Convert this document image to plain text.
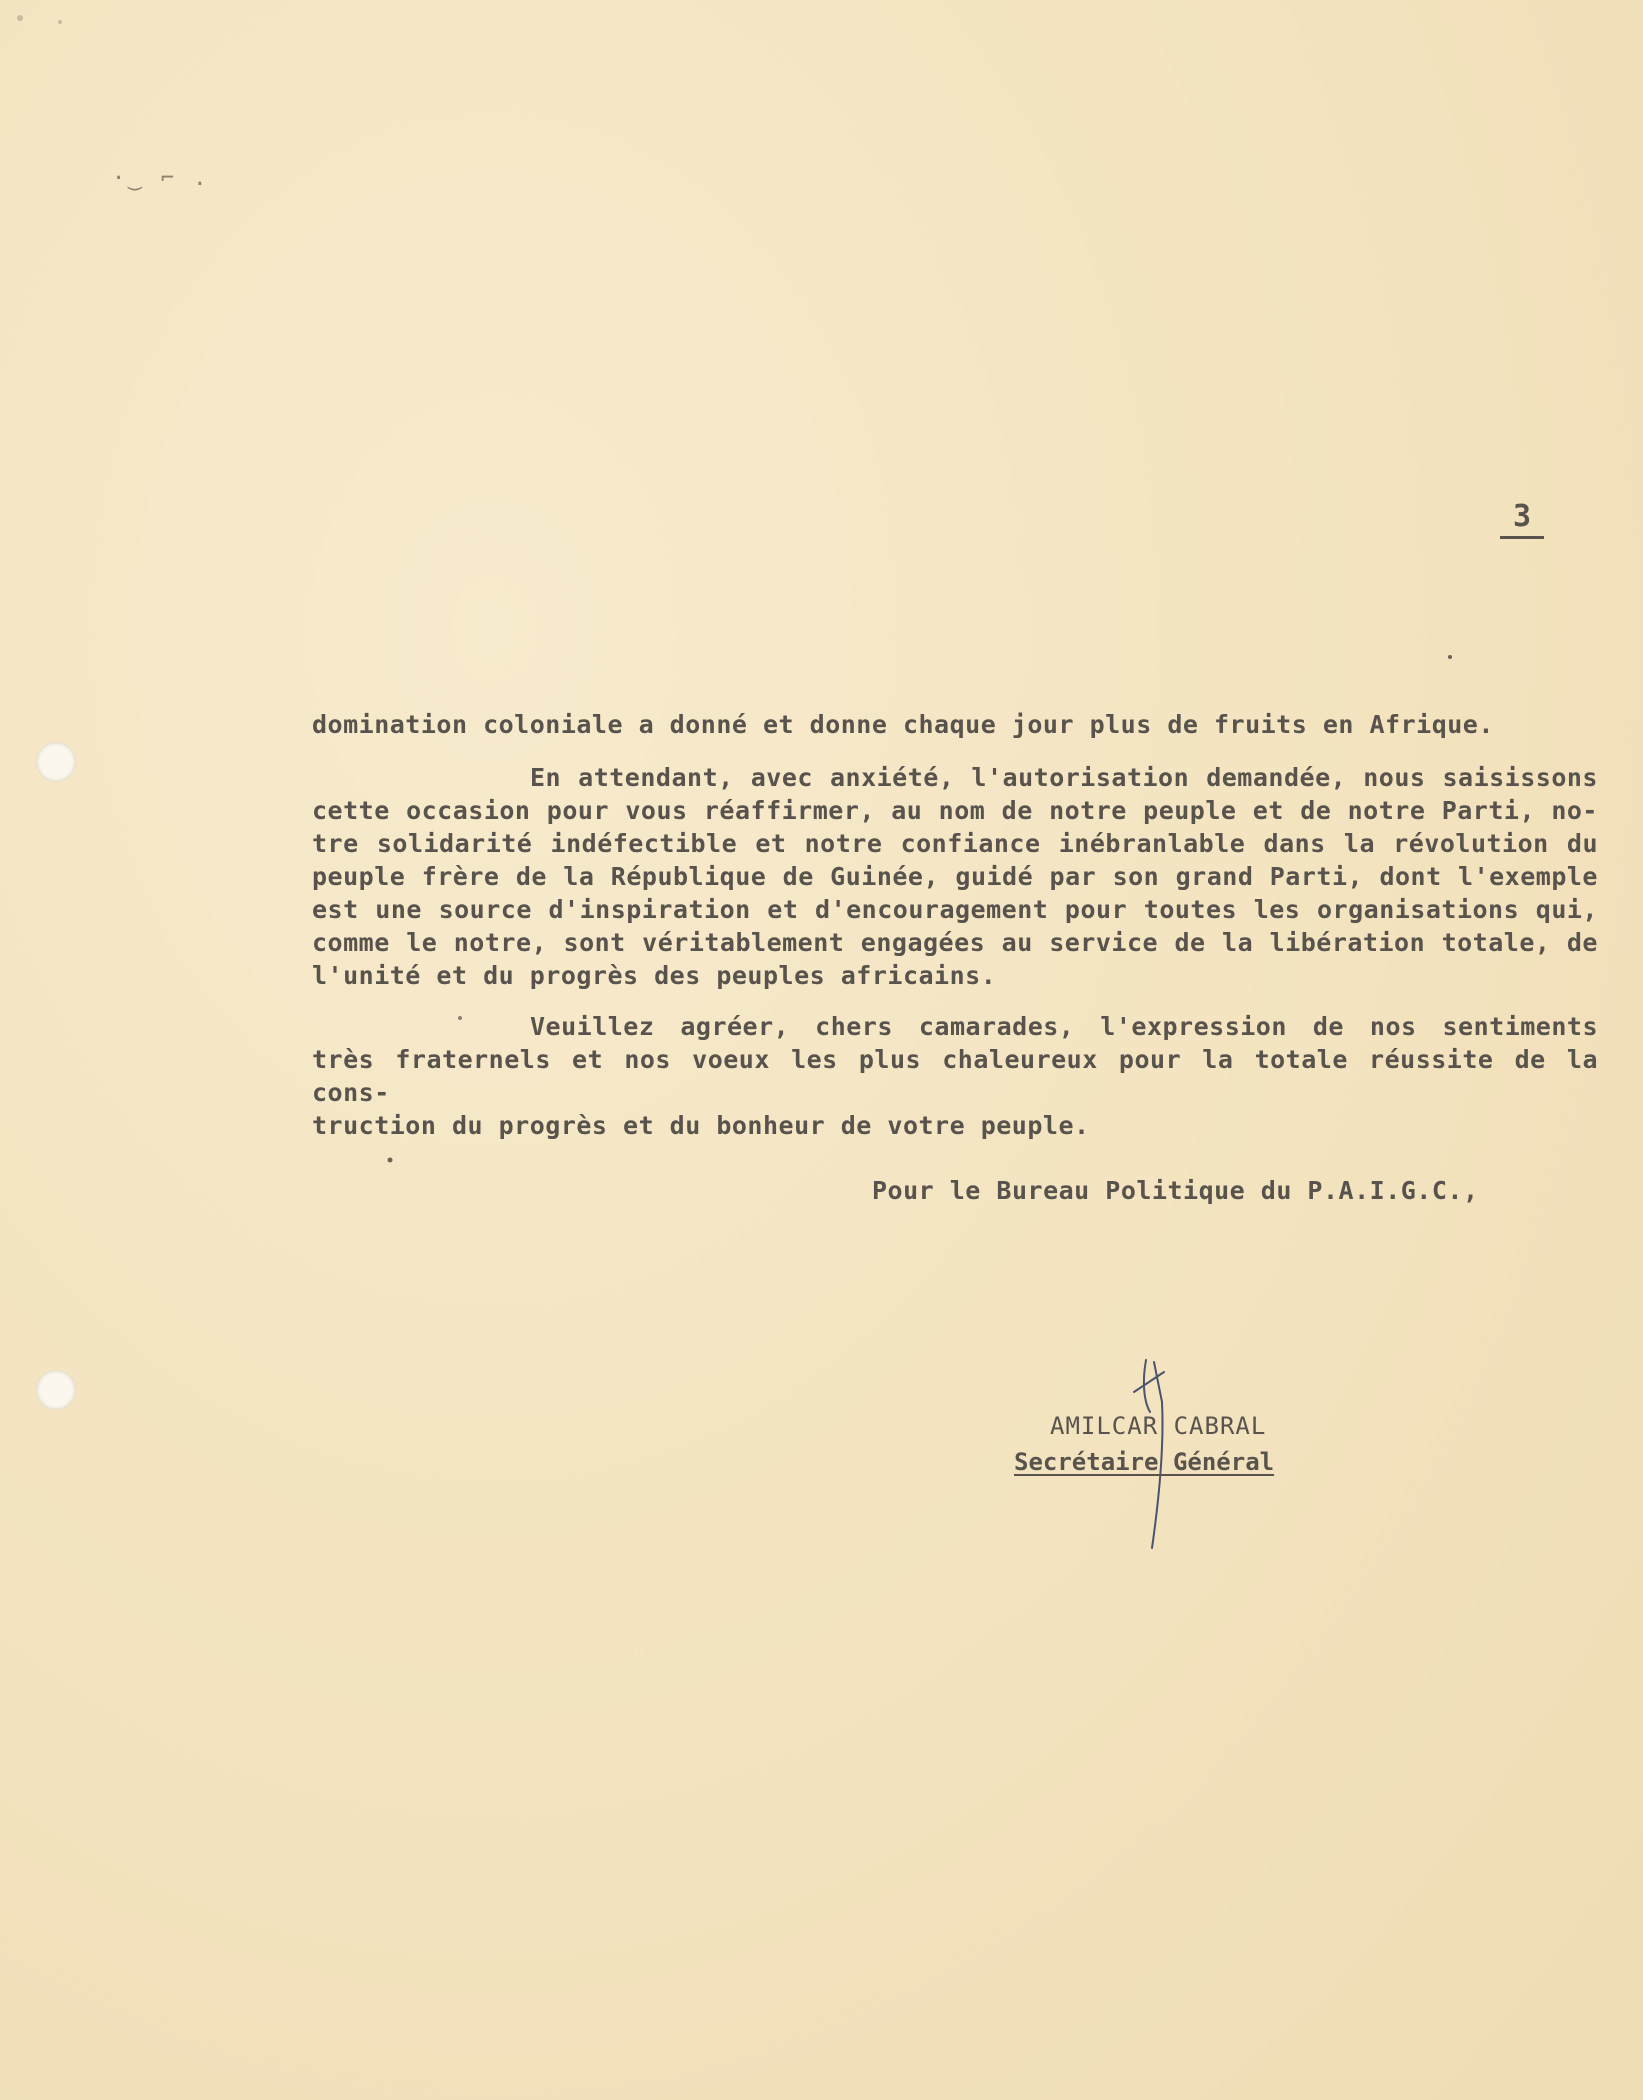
·‿ ⌐ .
3

domination coloniale a donné et donne chaque jour plus de fruits en Afrique.

En attendant, avec anxiété, l'autorisation demandée, nous saisissons
cette occasion pour vous réaffirmer, au nom de notre peuple et de notre Parti, no-
tre solidarité indéfectible et notre confiance inébranlable dans la révolution du
peuple frère de la République de Guinée, guidé par son grand Parti, dont l'exemple
est une source d'inspiration et d'encouragement pour toutes les organisations qui,
comme le notre, sont véritablement engagées au service de la libération totale, de
l'unité et du progrès des peuples africains.

Veuillez agréer, chers camarades, l'expression de nos sentiments
très fraternels et nos voeux les plus chaleureux pour la totale réussite de la cons-
truction du progrès et du bonheur de votre peuple.

Pour le Bureau Politique du P.A.I.G.C.,
AMILCAR CABRAL
Secrétaire Général
